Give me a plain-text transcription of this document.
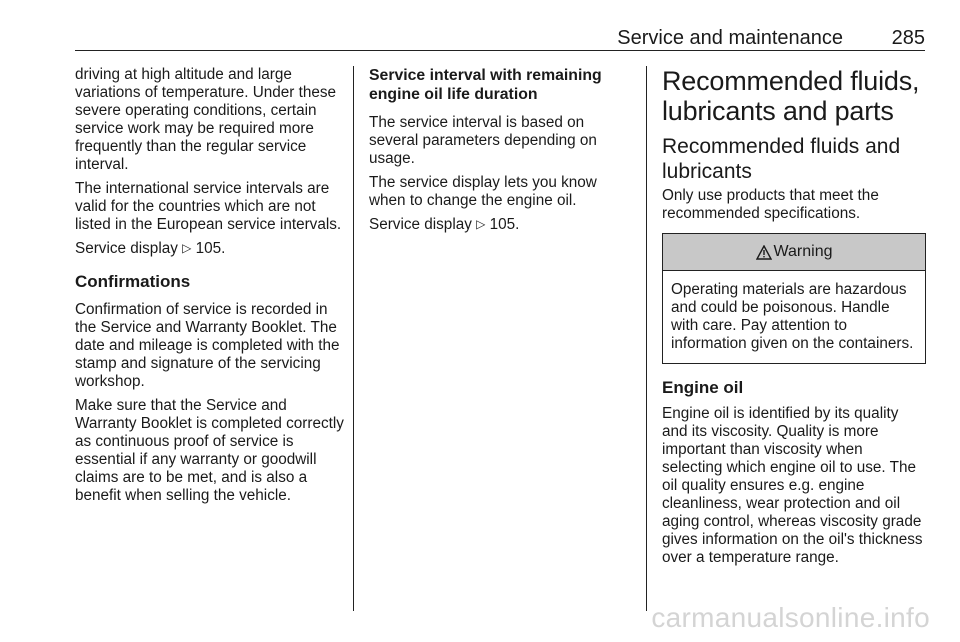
Service and maintenance 285

driving at high altitude and large variations of temperature. Under these severe operating conditions, certain service work may be required more frequently than the regular service interval.

The international service intervals are valid for the countries which are not listed in the European service intervals.

Service display ▷ 105.

Confirmations

Confirmation of service is recorded in the Service and Warranty Booklet. The date and mileage is completed with the stamp and signature of the servicing workshop.

Make sure that the Service and Warranty Booklet is completed correctly as continuous proof of service is essential if any warranty or goodwill claims are to be met, and is also a benefit when selling the vehicle.

Service interval with remaining engine oil life duration

The service interval is based on several parameters depending on usage.

The service display lets you know when to change the engine oil.

Service display ▷ 105.

Recommended fluids, lubricants and parts
Recommended fluids and lubricants

Only use products that meet the recommended specifications.

Warning

Operating materials are hazardous and could be poisonous. Handle with care. Pay attention to information given on the containers.

Engine oil

Engine oil is identified by its quality and its viscosity. Quality is more important than viscosity when selecting which engine oil to use. The oil quality ensures e.g. engine cleanliness, wear protection and oil aging control, whereas viscosity grade gives information on the oil's thickness over a temperature range.

carmanualsonline.info
